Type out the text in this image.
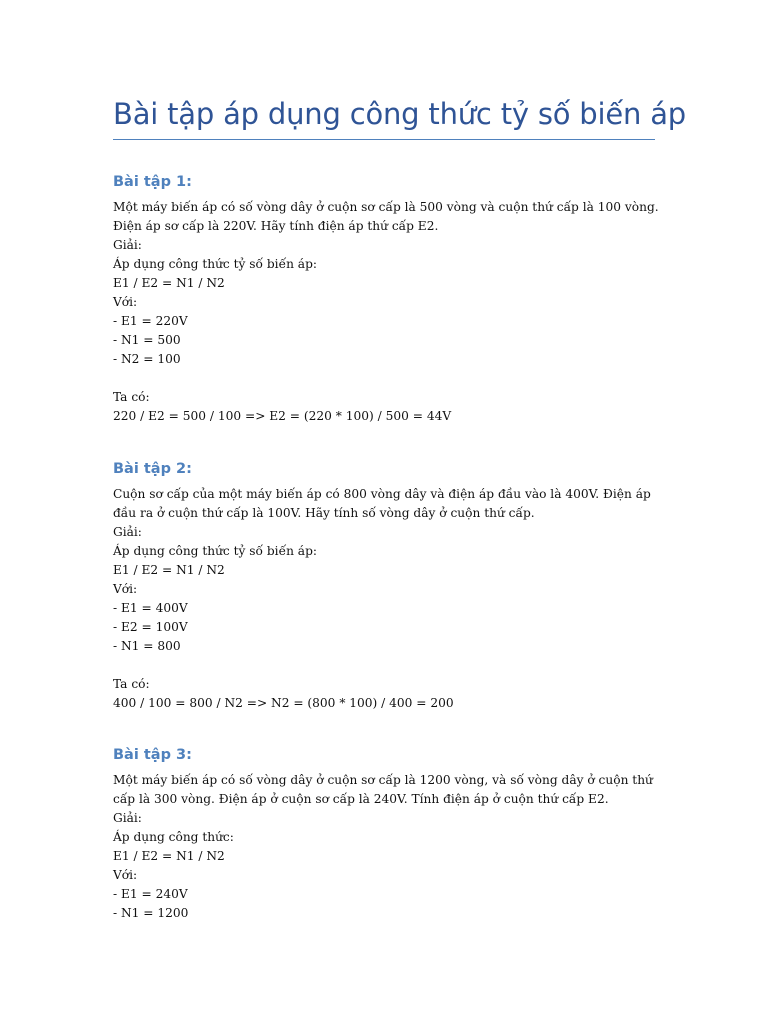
Bài tập áp dụng công thức tỷ số biến áp
Bài tập 1:
Một máy biến áp có số vòng dây ở cuộn sơ cấp là 500 vòng và cuộn thứ cấp là 100 vòng.
Điện áp sơ cấp là 220V. Hãy tính điện áp thứ cấp E2.
Giải:
Áp dụng công thức tỷ số biến áp:
E1 / E2 = N1 / N2
Với:
- E1 = 220V
- N1 = 500
- N2 = 100
Ta có:
220 / E2 = 500 / 100 => E2 = (220 * 100) / 500 = 44V
Bài tập 2:
Cuộn sơ cấp của một máy biến áp có 800 vòng dây và điện áp đầu vào là 400V. Điện áp
đầu ra ở cuộn thứ cấp là 100V. Hãy tính số vòng dây ở cuộn thứ cấp.
Giải:
Áp dụng công thức tỷ số biến áp:
E1 / E2 = N1 / N2
Với:
- E1 = 400V
- E2 = 100V
- N1 = 800
Ta có:
400 / 100 = 800 / N2 => N2 = (800 * 100) / 400 = 200
Bài tập 3:
Một máy biến áp có số vòng dây ở cuộn sơ cấp là 1200 vòng, và số vòng dây ở cuộn thứ
cấp là 300 vòng. Điện áp ở cuộn sơ cấp là 240V. Tính điện áp ở cuộn thứ cấp E2.
Giải:
Áp dụng công thức:
E1 / E2 = N1 / N2
Với:
- E1 = 240V
- N1 = 1200
